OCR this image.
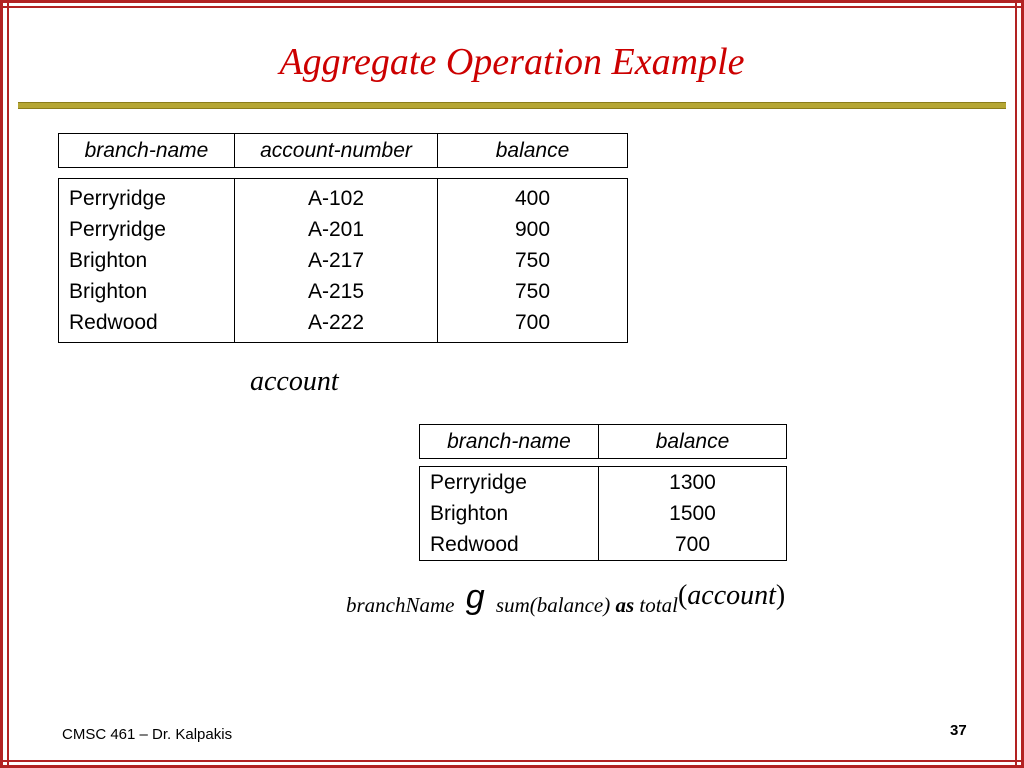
Aggregate Operation Example
branch-name	account-number	balance
Perryridge	A-102	400
Perryridge	A-201	900
Brighton	A-217	750
Brighton	A-215	750
Redwood	A-222	700
account
branch-name	balance
Perryridge	1300
Brighton	1500
Redwood	700
branchName g sum(balance) as total(account)
CMSC 461 – Dr. Kalpakis	37
